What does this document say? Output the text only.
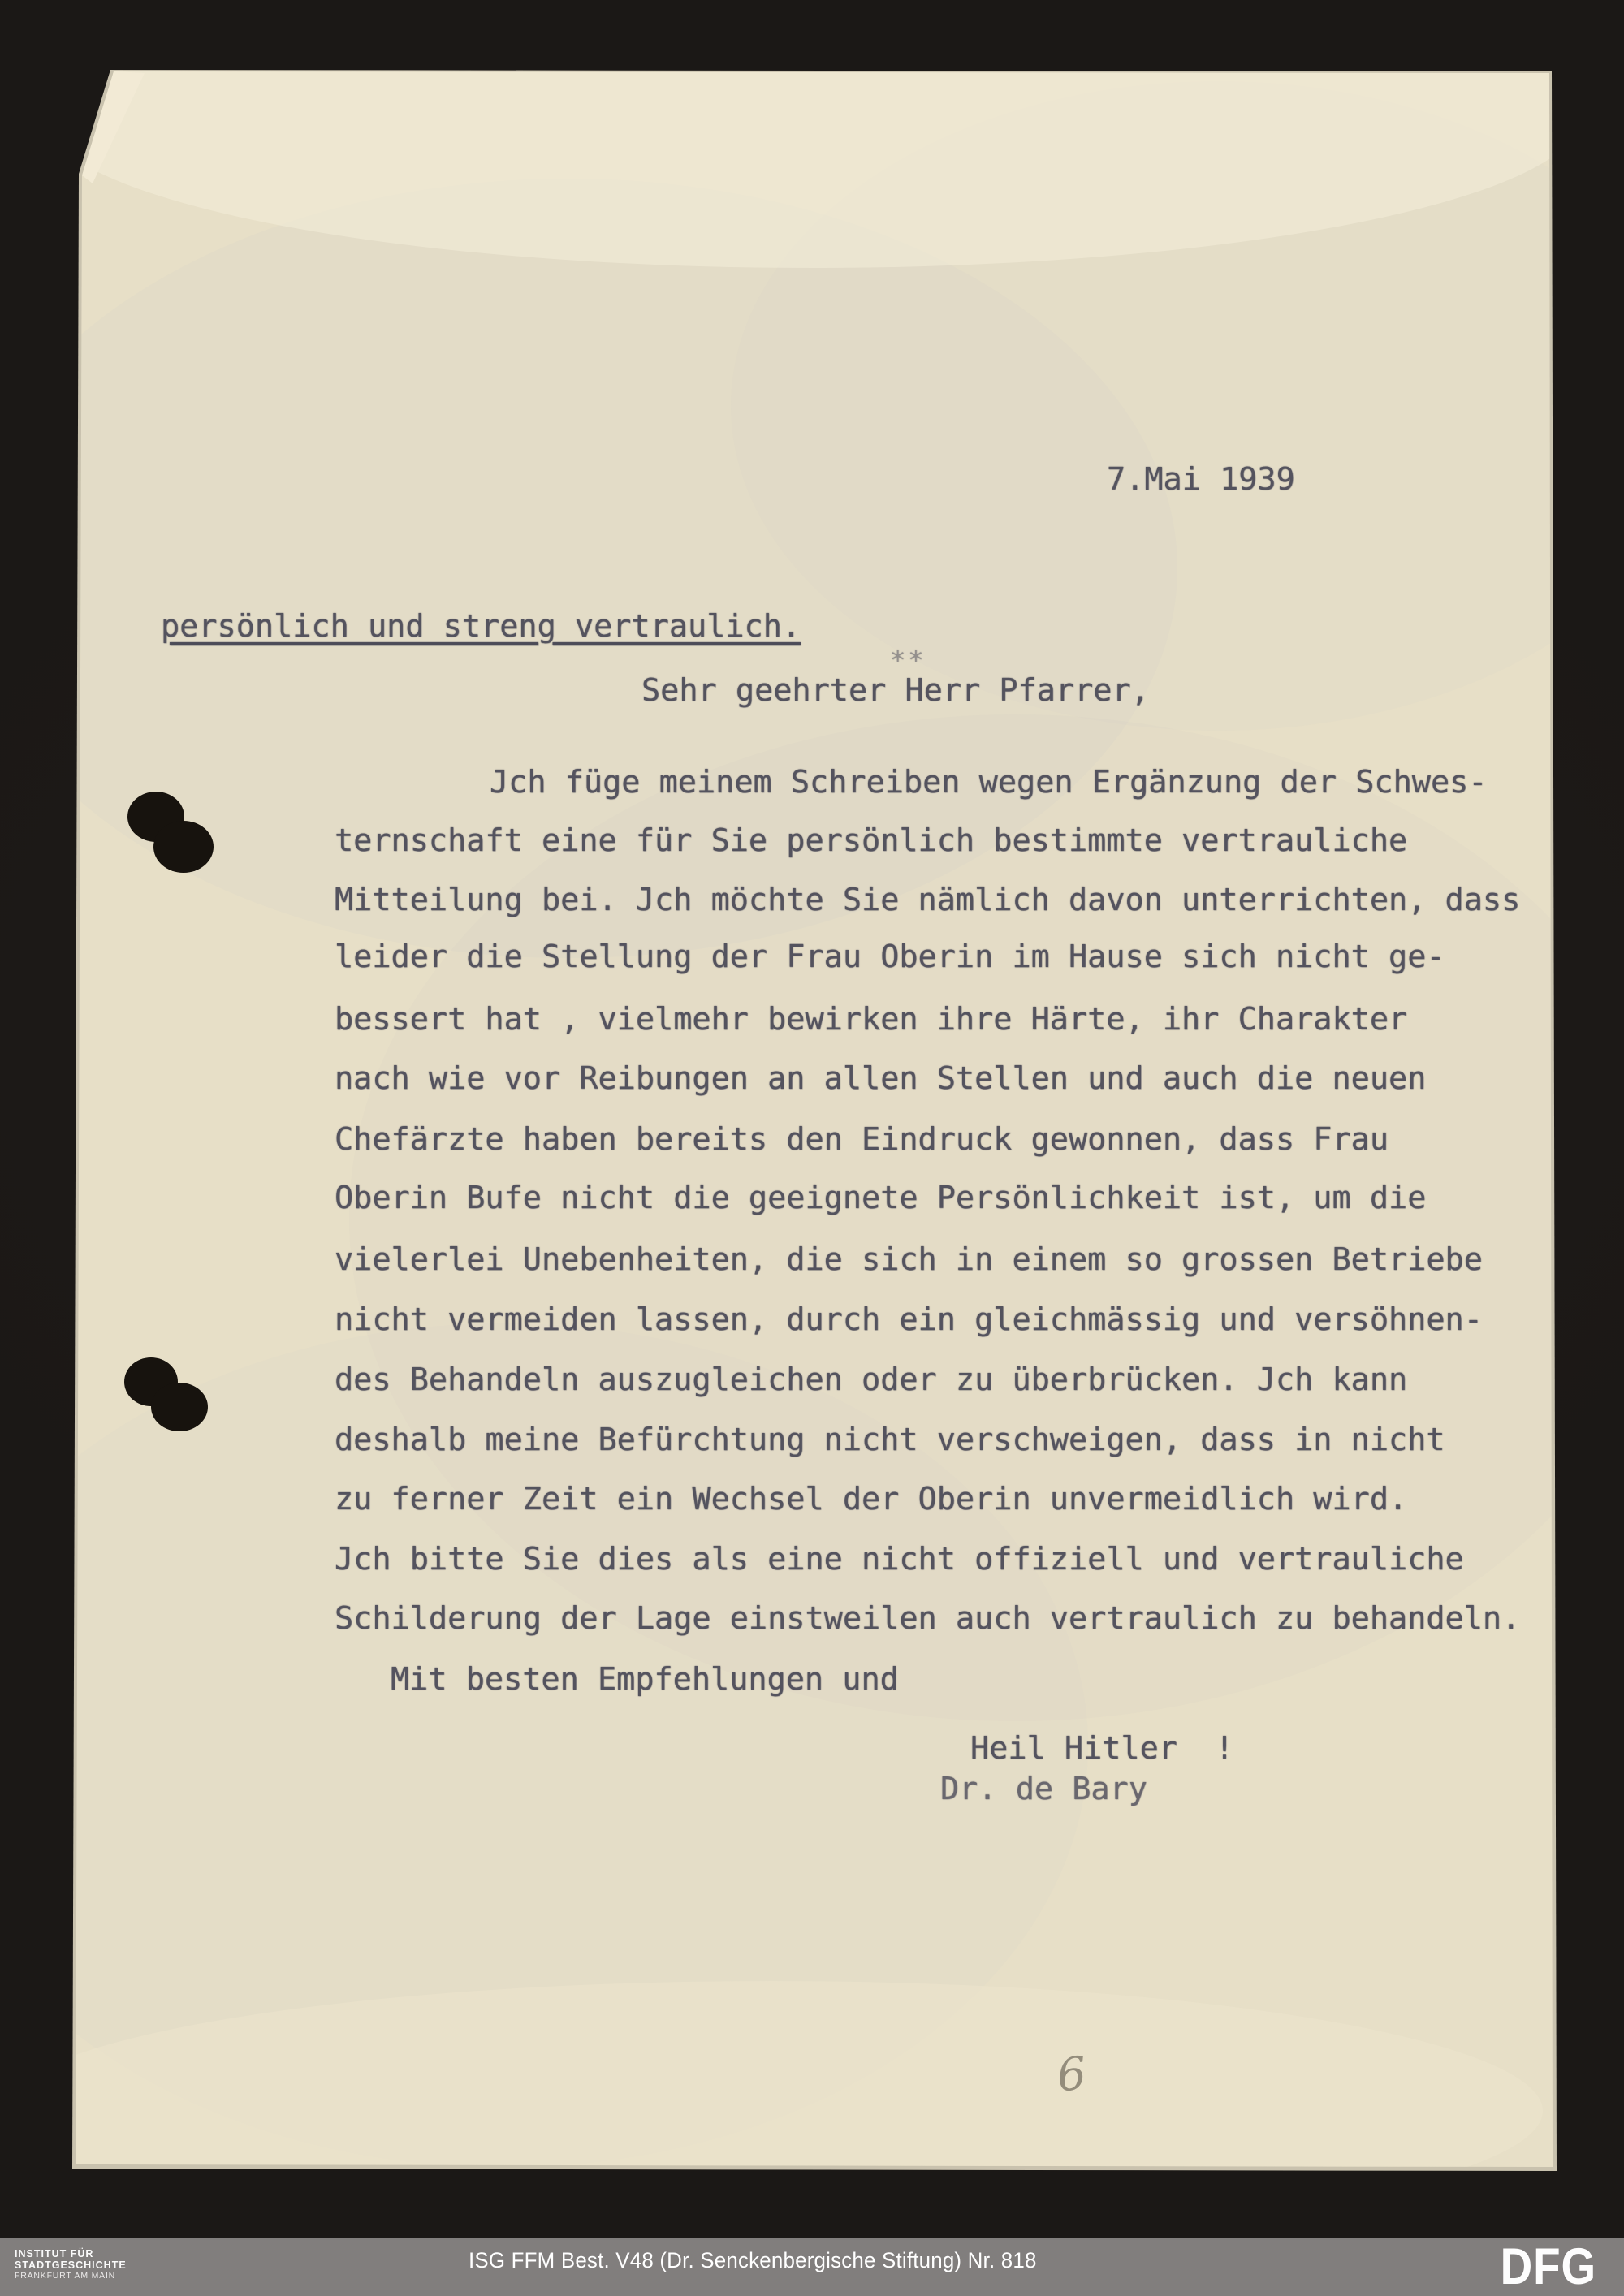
7.Mai 1939
persönlich und streng vertraulich.
**
Sehr geehrter Herr Pfarrer,
Jch füge meinem Schreiben wegen Ergänzung der Schwes-
ternschaft eine für Sie persönlich bestimmte vertrauliche
Mitteilung bei. Jch möchte Sie nämlich davon unterrichten, dass
leider die Stellung der Frau Oberin im Hause sich nicht ge-
bessert hat , vielmehr bewirken ihre Härte, ihr Charakter
nach wie vor Reibungen an allen Stellen und auch die neuen
Chefärzte haben bereits den Eindruck gewonnen, dass Frau
Oberin Bufe nicht die geeignete Persönlichkeit ist, um die
vielerlei Unebenheiten, die sich in einem so grossen Betriebe
nicht vermeiden lassen, durch ein gleichmässig und versöhnen-
des Behandeln auszugleichen oder zu überbrücken. Jch kann
deshalb meine Befürchtung nicht verschweigen, dass in nicht
zu ferner Zeit ein Wechsel der Oberin unvermeidlich wird.
Jch bitte Sie dies als eine nicht offiziell und vertrauliche
Schilderung der Lage einstweilen auch vertraulich zu behandeln.
Mit besten Empfehlungen und
Heil Hitler  !
Dr. de Bary
6
INSTITUT FÜR
STADTGESCHICHTE
FRANKFURT AM MAIN
ISG FFM Best. V48 (Dr. Senckenbergische Stiftung) Nr. 818	DFG
